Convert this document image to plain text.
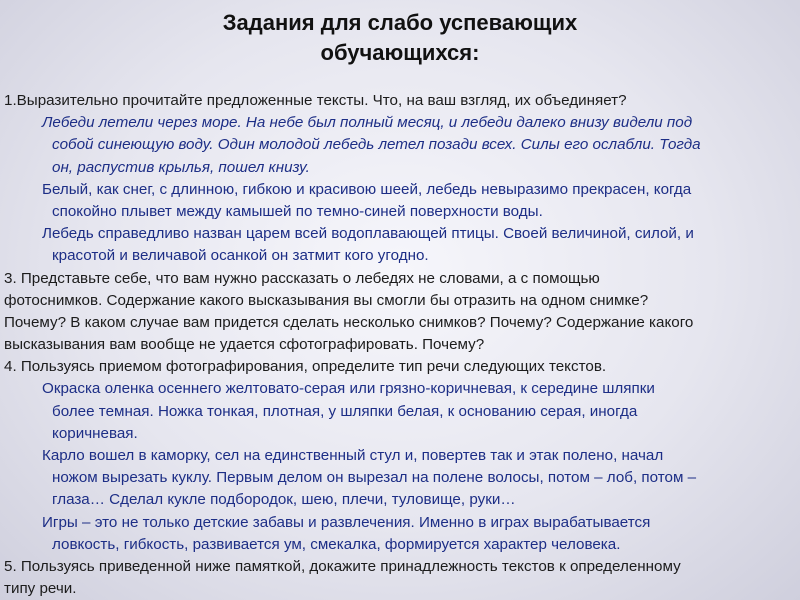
Задания для слабо успевающих
обучающихся:
1.Выразительно прочитайте предложенные тексты. Что, на ваш взгляд, их объединяет?
Лебеди летели через море. На небе был полный месяц, и лебеди далеко внизу видели под
собой синеющую воду. Один молодой лебедь летел позади всех. Силы его ослабли. Тогда
он, распустив крылья, пошел книзу.
Белый, как снег, с длинною, гибкою и красивою шеей, лебедь невыразимо прекрасен, когда
спокойно плывет между камышей по темно-синей поверхности воды.
Лебедь справедливо назван царем всей водоплавающей птицы. Своей величиной, силой, и
красотой и величавой осанкой он затмит кого угодно.
3. Представьте себе, что вам нужно рассказать о лебедях не словами, а с помощью
фотоснимков. Содержание какого высказывания вы смогли бы отразить на одном снимке?
Почему? В каком случае вам придется сделать несколько снимков? Почему? Содержание какого
высказывания вам вообще не удается сфотографировать. Почему?
4. Пользуясь приемом фотографирования, определите тип речи следующих текстов.
Окраска оленка осеннего желтовато-серая или грязно-коричневая, к середине шляпки
более темная. Ножка тонкая, плотная, у шляпки белая, к основанию серая, иногда
коричневая.
Карло вошел в каморку, сел на единственный стул и, повертев так и этак полено, начал
ножом вырезать куклу. Первым делом он вырезал на полене волосы, потом – лоб, потом –
глаза… Сделал кукле подбородок, шею, плечи, туловище, руки…
Игры – это не только детские забавы и развлечения. Именно в играх вырабатывается
ловкость, гибкость, развивается ум, смекалка, формируется характер человека.
5. Пользуясь приведенной ниже памяткой, докажите принадлежность текстов к определенному
типу речи.
